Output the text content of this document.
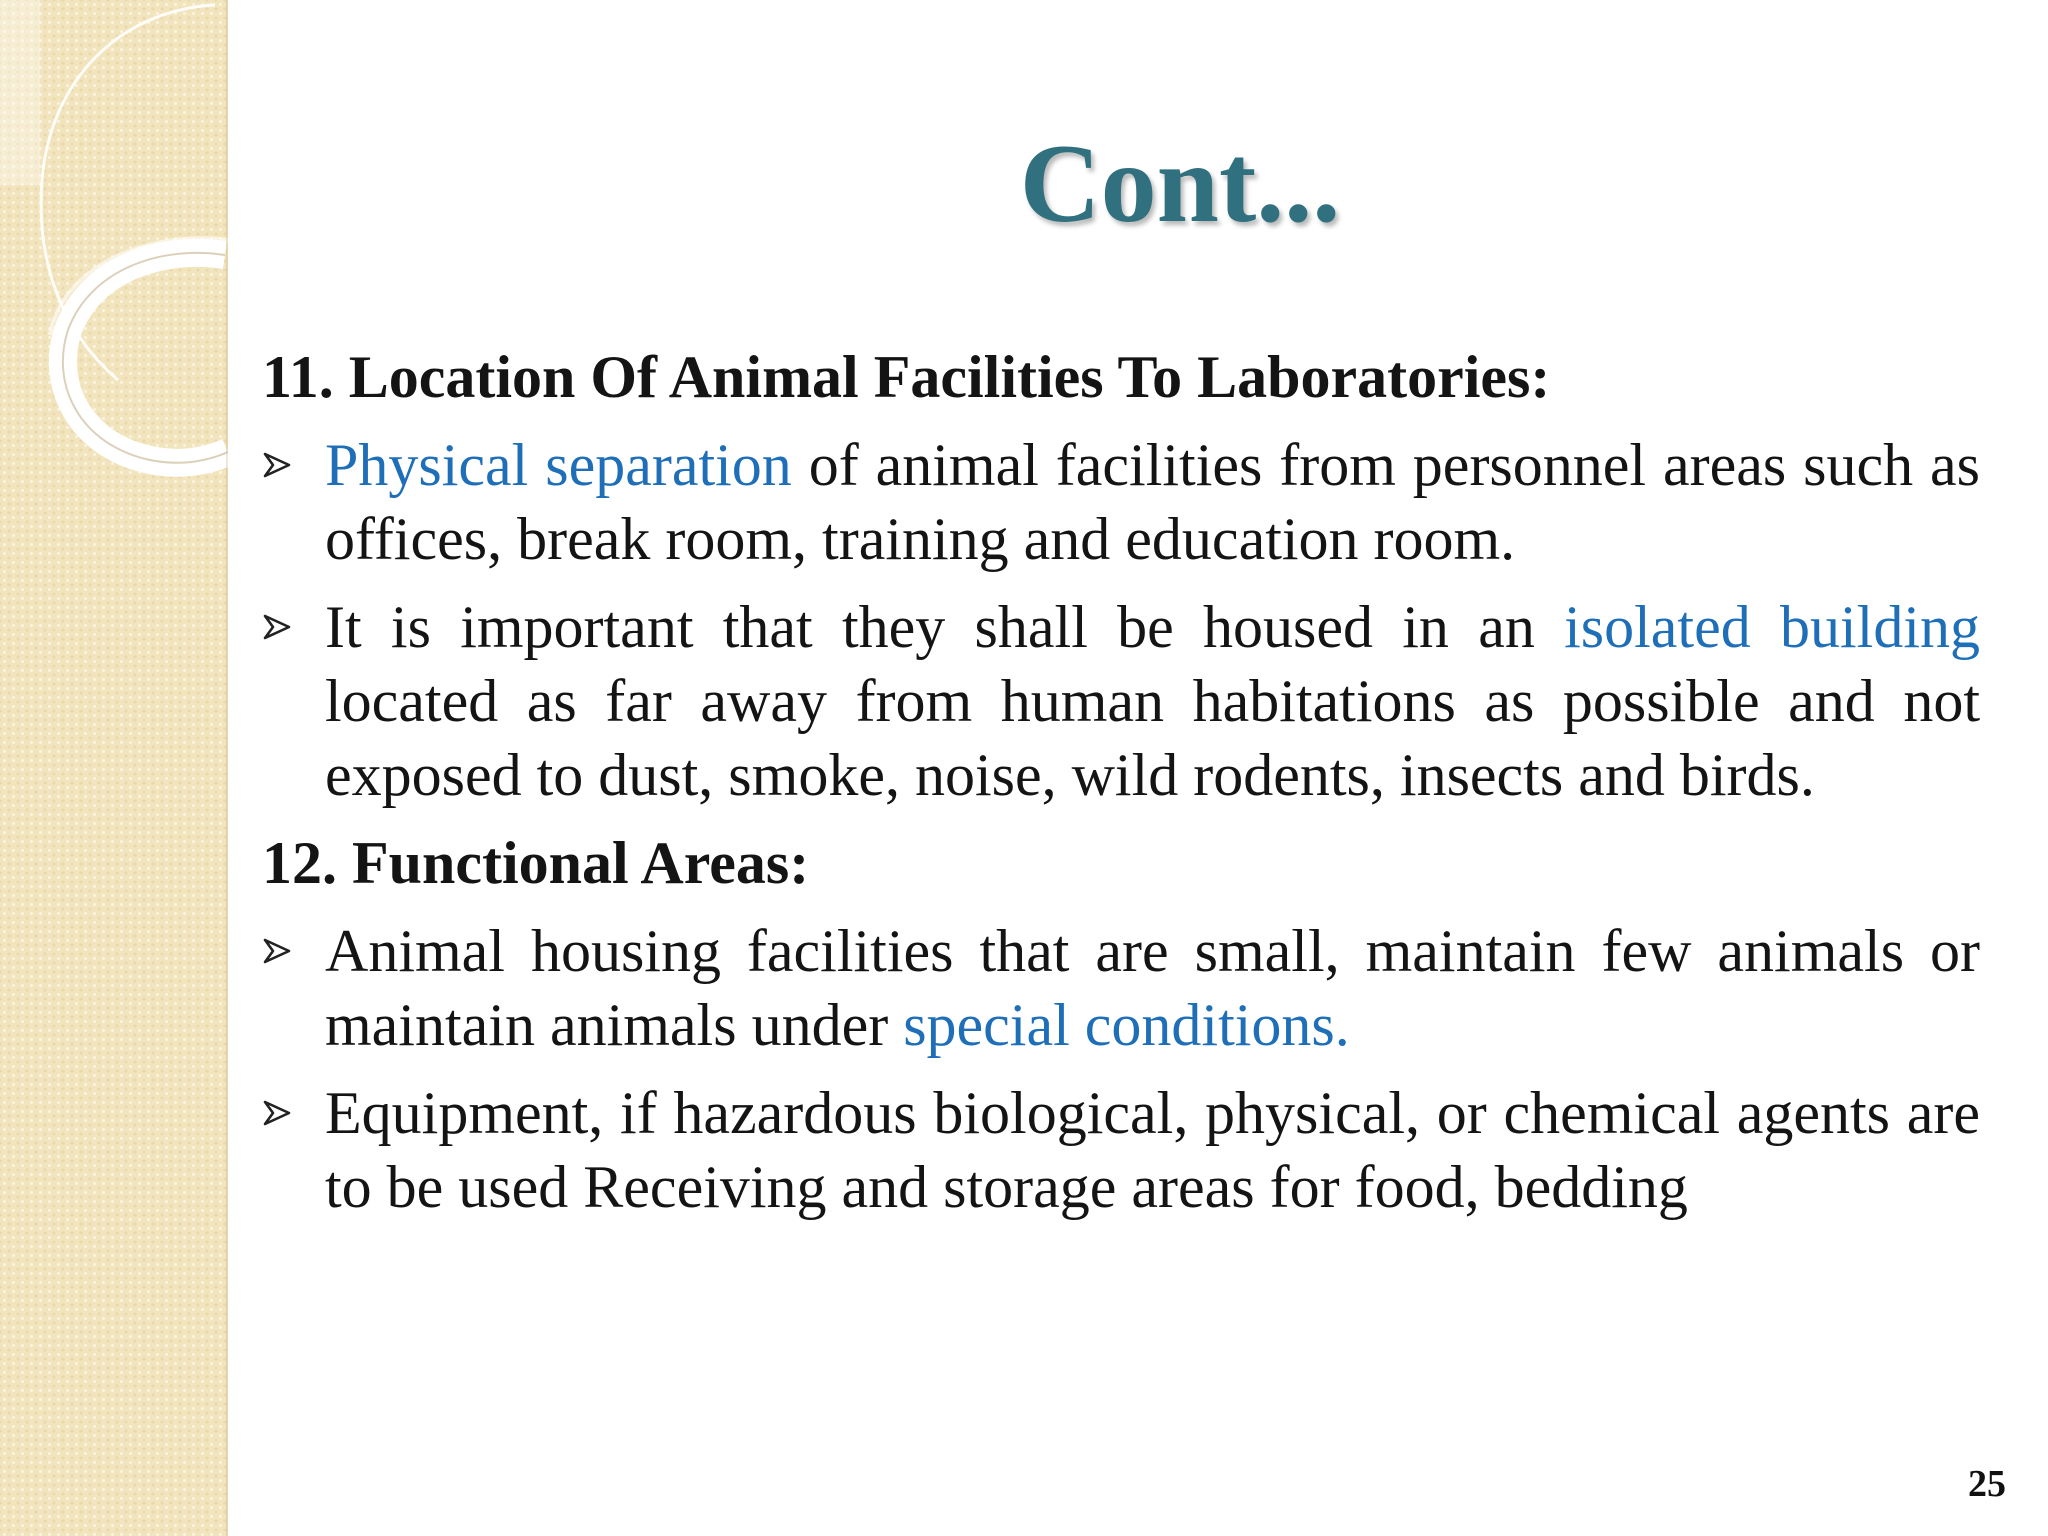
Cont...
11. Location Of Animal Facilities To Laboratories:
Physical separation of animal facilities from personnel areas such as offices, break room, training and education room.
It is important that they shall be housed in an isolated building located as far away from human habitations as possible and not exposed to dust, smoke, noise, wild rodents, insects and birds.
12. Functional Areas:
Animal housing facilities that are small, maintain few animals or maintain animals under special conditions.
Equipment, if hazardous biological, physical, or chemical agents are to be used Receiving and storage areas for food, bedding
25
